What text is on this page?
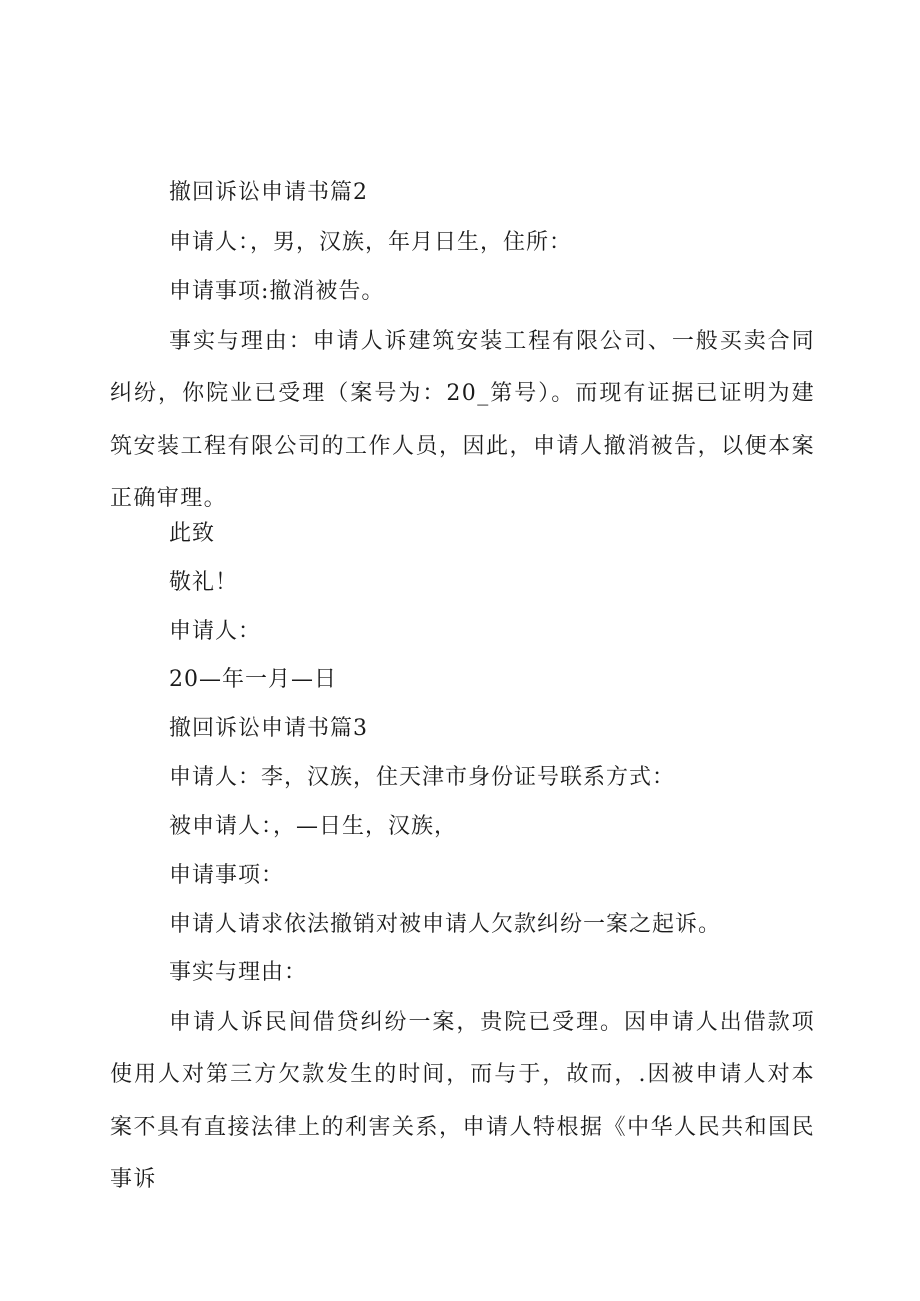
撤回诉讼申请书篇2
申请人：，男，汉族，年月日生，住所：
申请事项:撤消被告。

事实与理由：申请人诉建筑安装工程有限公司、一般买卖合同纠纷，你院业已受理（案号为：20_第号）。而现有证据已证明为建筑安装工程有限公司的工作人员，因此，申请人撤消被告，以便本案正确审理。

此致
敬礼！
申请人：
20—年一月—日
撤回诉讼申请书篇3
申请人：李，汉族，住天津市身份证号联系方式：
被申请人：，—日生，汉族，
申请事项：
申请人请求依法撤销对被申请人欠款纠纷一案之起诉。
事实与理由：

申请人诉民间借贷纠纷一案，贵院已受理。因申请人出借款项使用人对第三方欠款发生的时间，而与于，故而，.因被申请人对本案不具有直接法律上的利害关系，申请人特根据《中华人民共和国民事诉
